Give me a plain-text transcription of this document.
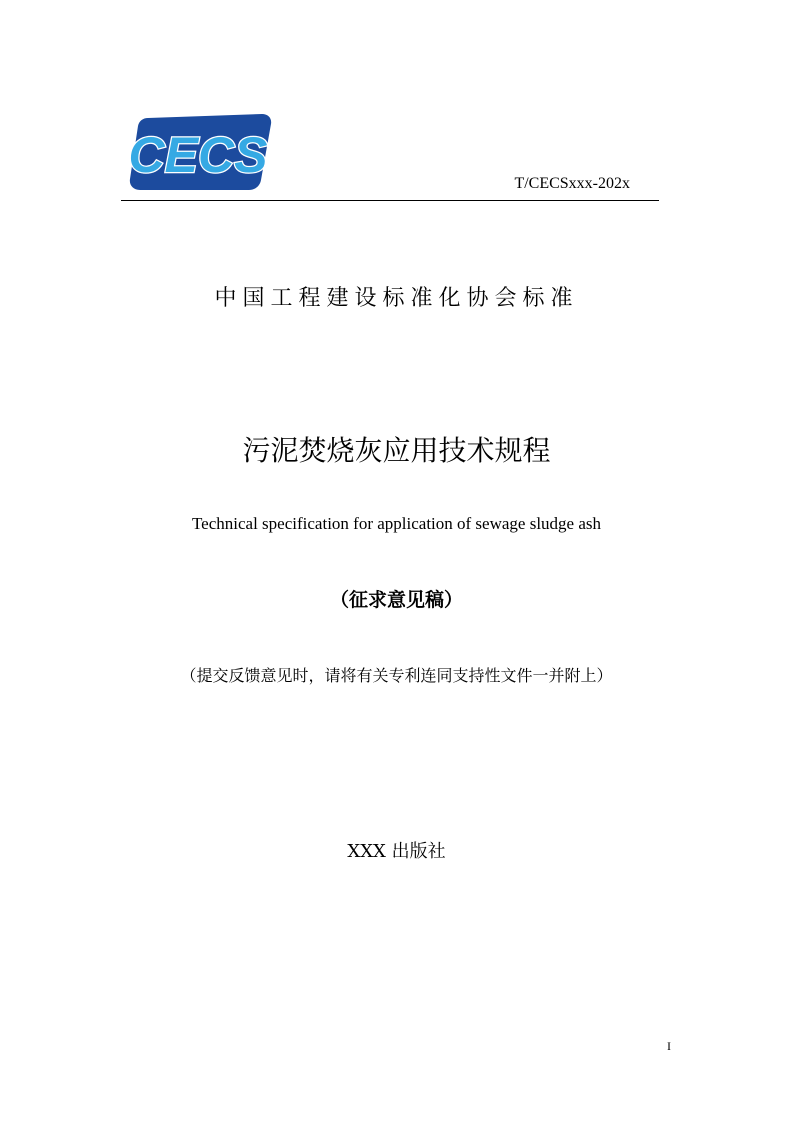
CECS
T/CECSxxx-202x
中国工程建设标准化协会标准
污泥焚烧灰应用技术规程
Technical specification for application of sewage sludge ash
（征求意见稿）
（提交反馈意见时，请将有关专利连同支持性文件一并附上）
XXX 出版社
I
